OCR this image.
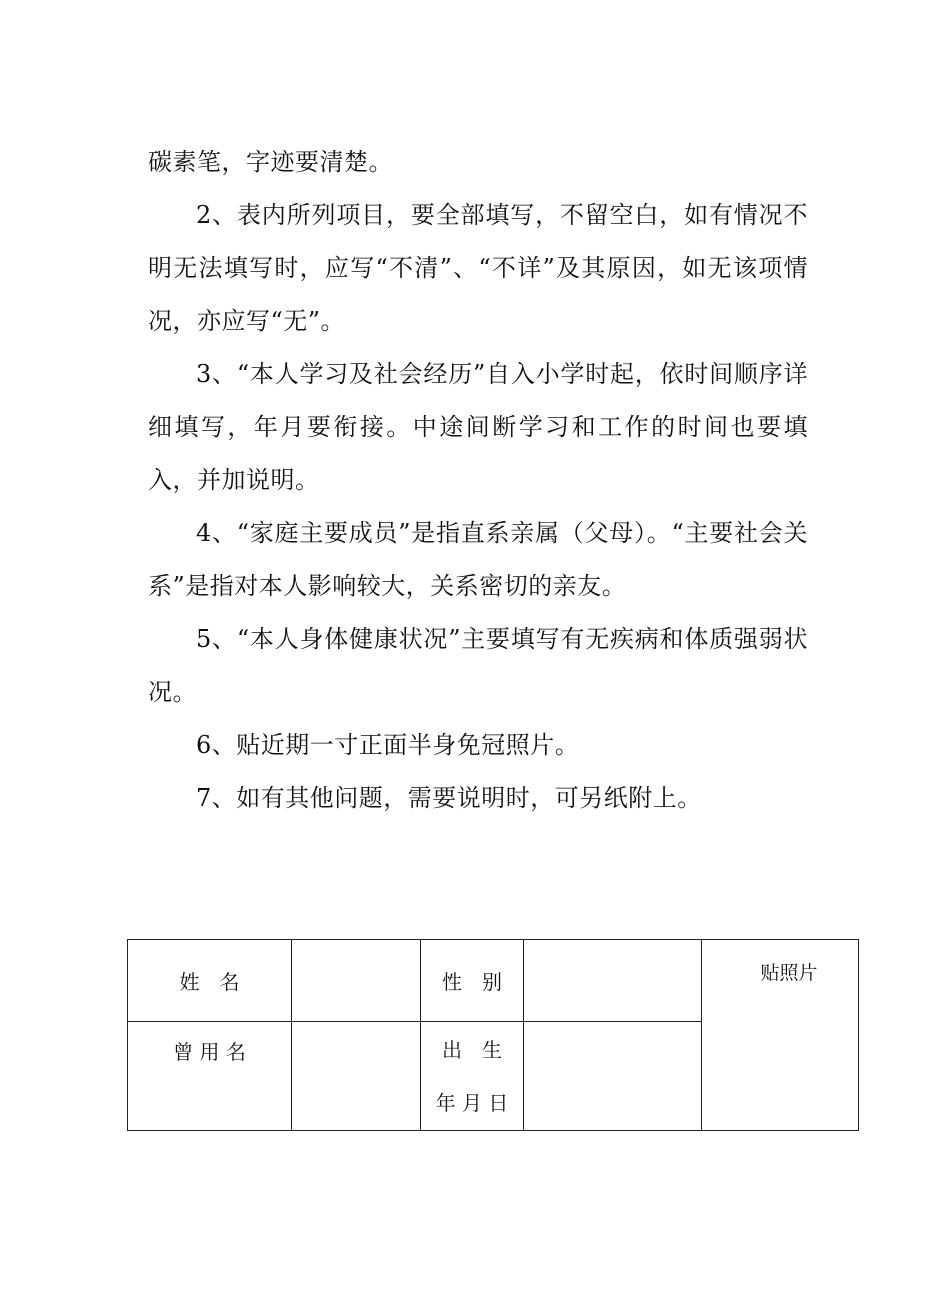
碳素笔，字迹要清楚。

2、表内所列项目，要全部填写，不留空白，如有情况不明无法填写时，应写“不清”、“不详”及其原因，如无该项情况，亦应写“无”。

3、“本人学习及社会经历”自入小学时起，依时间顺序详细填写，年月要衔接。中途间断学习和工作的时间也要填入，并加说明。

4、“家庭主要成员”是指直系亲属（父母）。“主要社会关系”是指对本人影响较大，关系密切的亲友。

5、“本人身体健康状况”主要填写有无疾病和体质强弱状况。

6、贴近期一寸正面半身免冠照片。

7、如有其他问题，需要说明时，可另纸附上。

姓　名		性　别		贴照片

曾 用 名		出　生
年 月 日		
